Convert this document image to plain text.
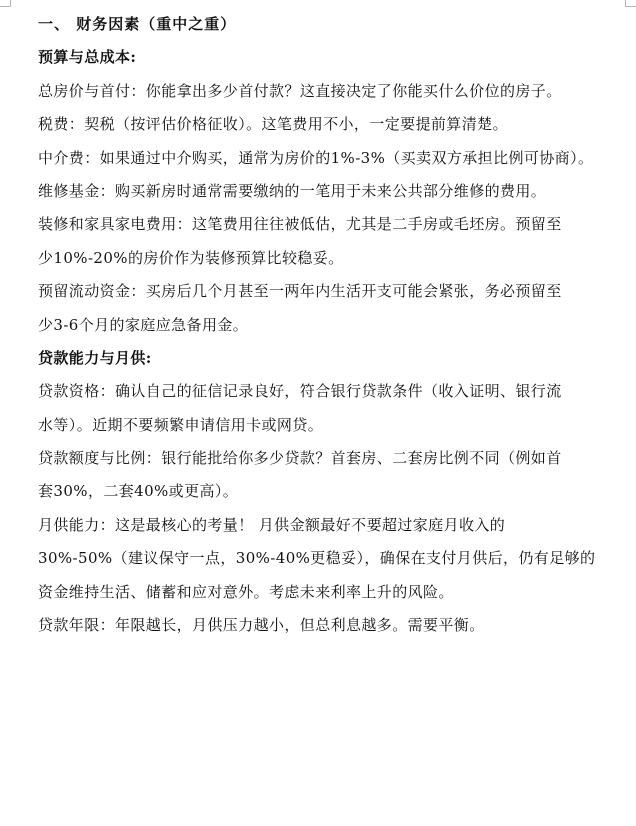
一、 财务因素（重中之重）
预算与总成本:
总房价与首付：你能拿出多少首付款？这直接决定了你能买什么价位的房子。
税费：契税（按评估价格征收）。这笔费用不小，一定要提前算清楚。
中介费：如果通过中介购买，通常为房价的1%-3%（买卖双方承担比例可协商）。
维修基金：购买新房时通常需要缴纳的一笔用于未来公共部分维修的费用。
装修和家具家电费用：这笔费用往往被低估，尤其是二手房或毛坯房。预留至
少10%-20%的房价作为装修预算比较稳妥。
预留流动资金：买房后几个月甚至一两年内生活开支可能会紧张，务必预留至
少3-6个月的家庭应急备用金。
贷款能力与月供:
贷款资格：确认自己的征信记录良好，符合银行贷款条件（收入证明、银行流
水等）。近期不要频繁申请信用卡或网贷。
贷款额度与比例：银行能批给你多少贷款？首套房、二套房比例不同（例如首
套30%，二套40%或更高）。
月供能力：这是最核心的考量！ 月供金额最好不要超过家庭月收入的
30%-50%（建议保守一点，30%-40%更稳妥），确保在支付月供后，仍有足够的
资金维持生活、储蓄和应对意外。考虑未来利率上升的风险。
贷款年限：年限越长，月供压力越小，但总利息越多。需要平衡。
